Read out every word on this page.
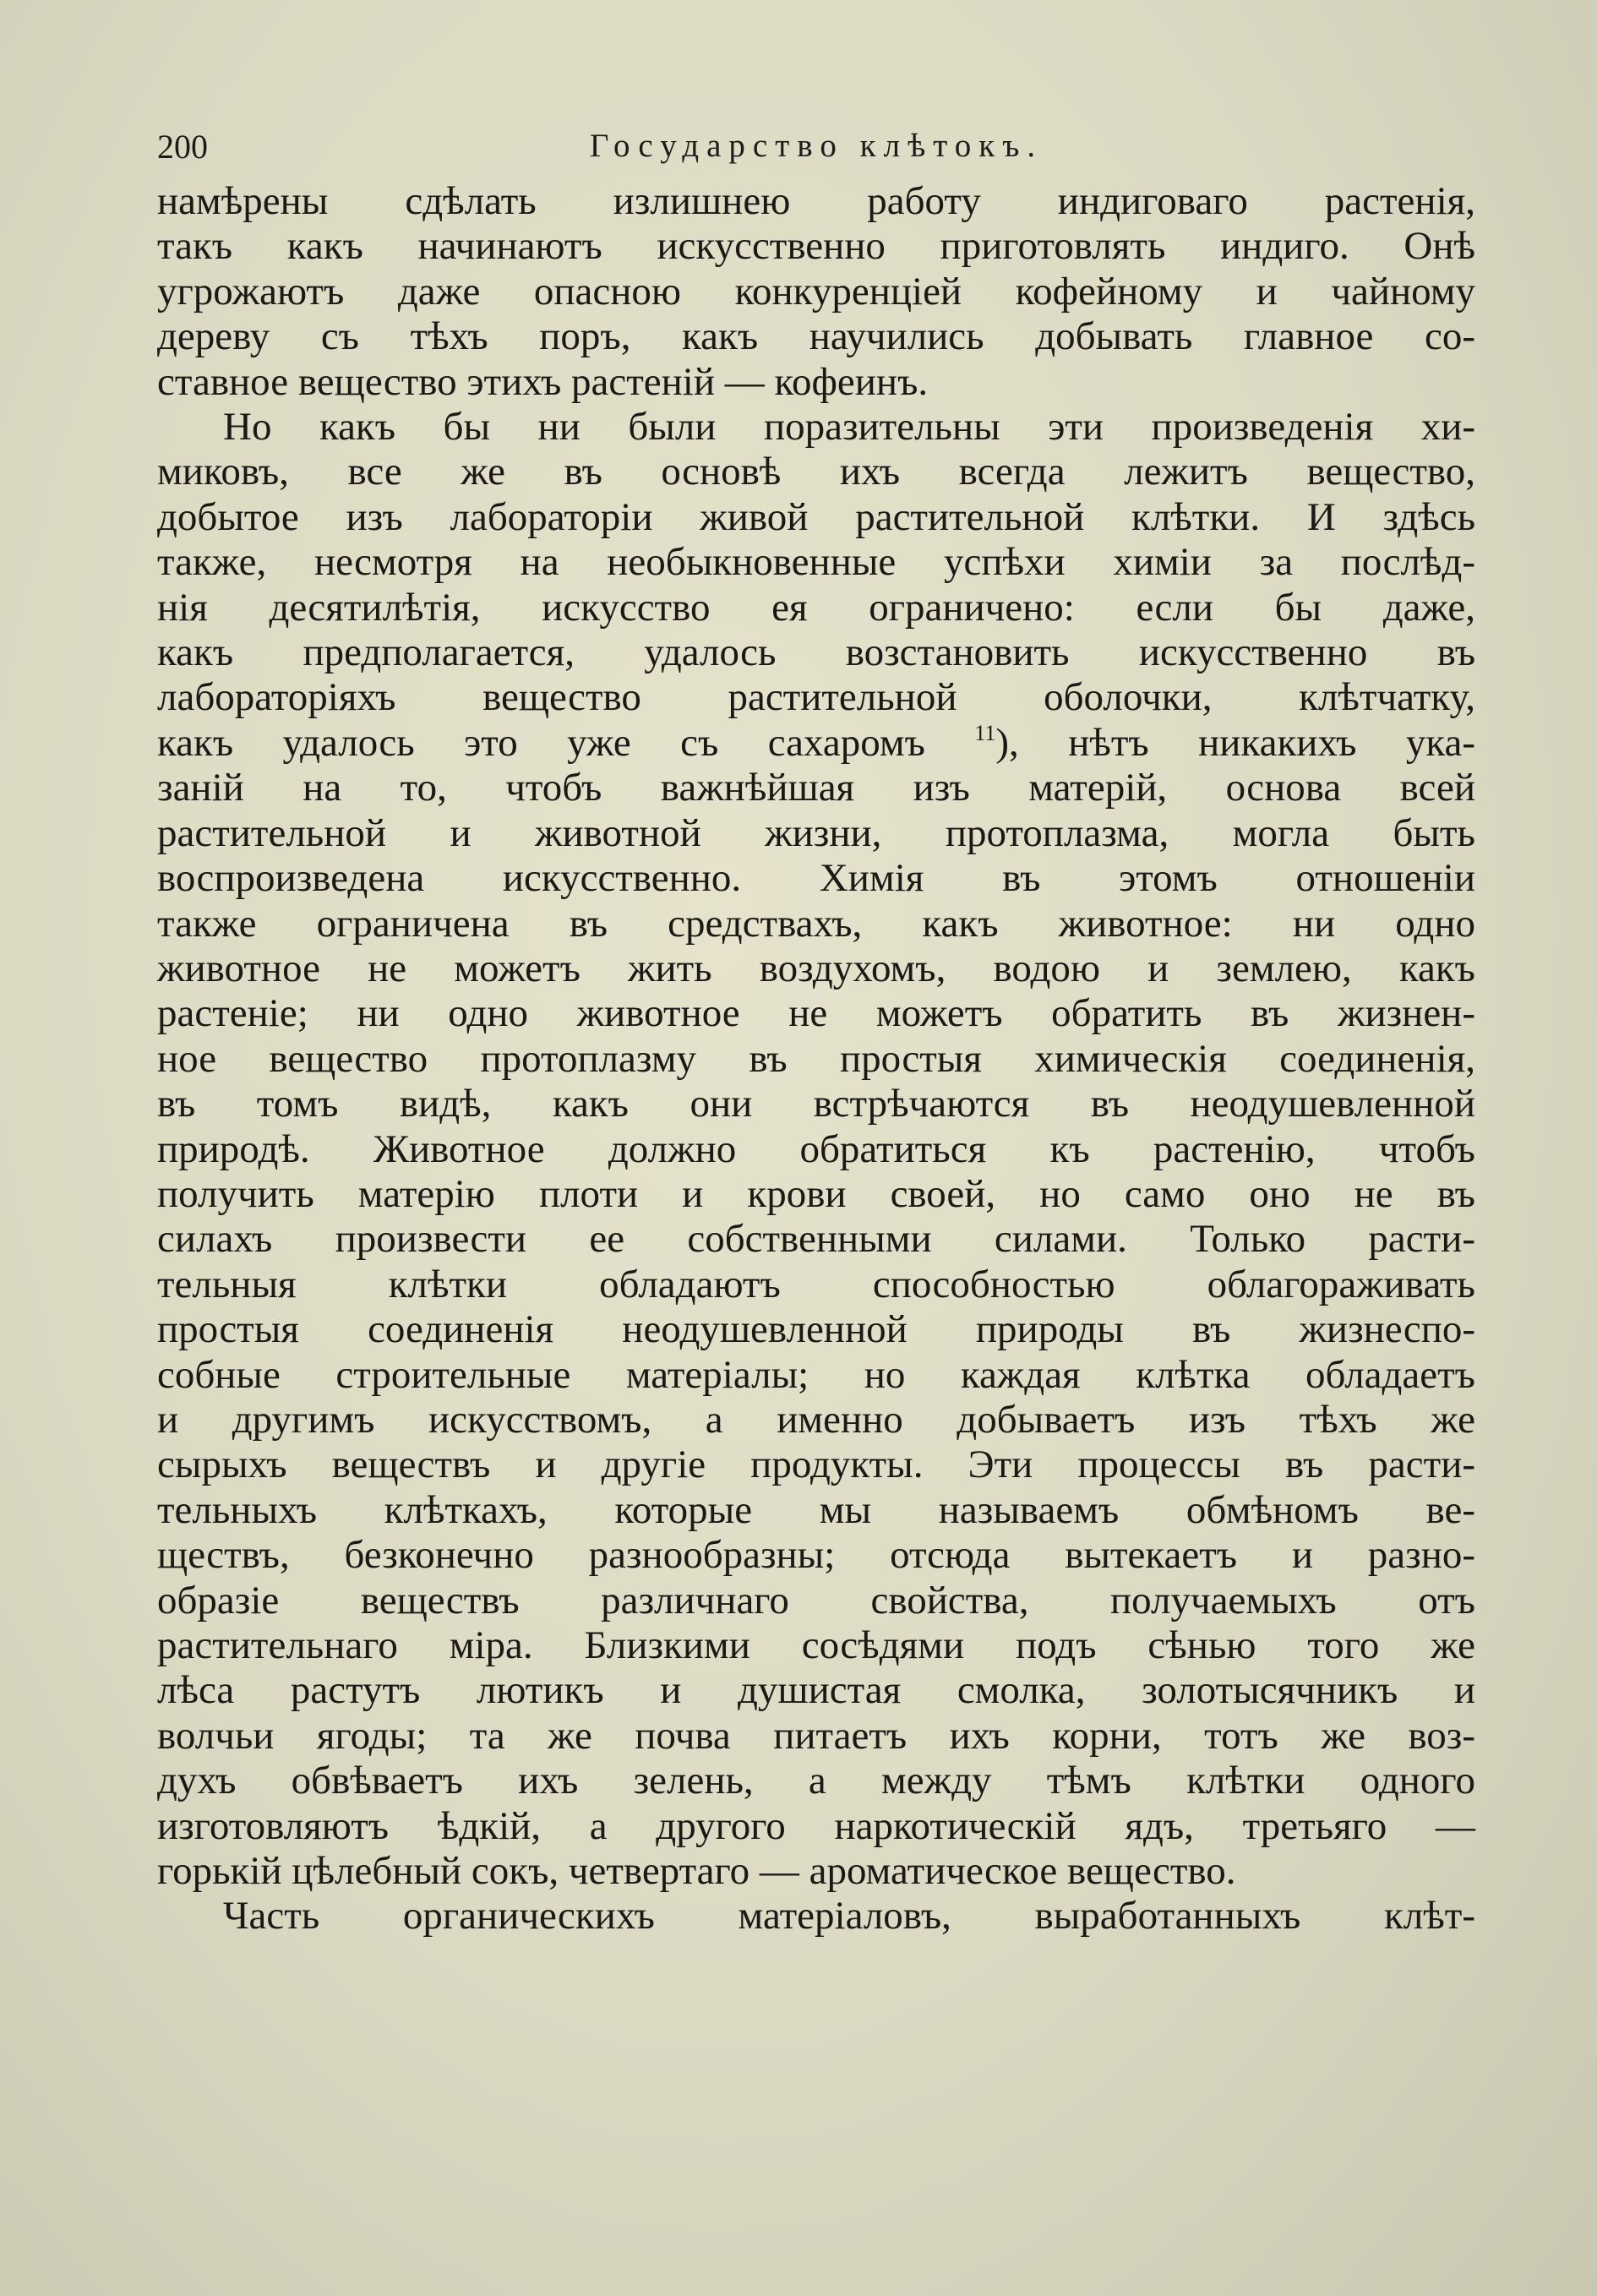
200	Государство клѣтокъ.

намѣрены сдѣлать излишнею работу индиговаго растенія,
такъ какъ начинаютъ искусственно приготовлять индиго. Онѣ
угрожаютъ даже опасною конкуренціей кофейному и чайному
дереву съ тѣхъ поръ, какъ научились добывать главное со-
ставное вещество этихъ растеній — кофеинъ.

Но какъ бы ни были поразительны эти произведенія хи-
миковъ, все же въ основѣ ихъ всегда лежитъ вещество,
добытое изъ лабораторіи живой растительной клѣтки. И здѣсь
также, несмотря на необыкновенные успѣхи химіи за послѣд-
нія десятилѣтія, искусство ея ограничено: если бы даже,
какъ предполагается, удалось возстановить искусственно въ
лабораторіяхъ вещество растительной оболочки, клѣтчатку,
какъ удалось это уже съ сахаромъ $^{11}$), нѣтъ никакихъ ука-
заній на то, чтобъ важнѣйшая изъ матерій, основа всей
растительной и животной жизни, протоплазма, могла быть
воспроизведена искусственно. Химія въ этомъ отношеніи
также ограничена въ средствахъ, какъ животное: ни одно
животное не можетъ жить воздухомъ, водою и землею, какъ
растеніе; ни одно животное не можетъ обратить въ жизнен-
ное вещество протоплазму въ простыя химическія соединенія,
въ томъ видѣ, какъ они встрѣчаются въ неодушевленной
природѣ. Животное должно обратиться къ растенію, чтобъ
получить матерію плоти и крови своей, но само оно не въ
силахъ произвести ее собственными силами. Только расти-
тельныя клѣтки обладаютъ способностью облагораживать
простыя соединенія неодушевленной природы въ жизнеспо-
собные строительные матеріалы; но каждая клѣтка обладаетъ
и другимъ искусствомъ, а именно добываетъ изъ тѣхъ же
сырыхъ веществъ и другіе продукты. Эти процессы въ расти-
тельныхъ клѣткахъ, которые мы называемъ обмѣномъ ве-
ществъ, безконечно разнообразны; отсюда вытекаетъ и разно-
образіе веществъ различнаго свойства, получаемыхъ отъ
растительнаго міра. Близкими сосѣдями подъ сѣнью того же
лѣса растутъ лютикъ и душистая смолка, золотысячникъ и
волчьи ягоды; та же почва питаетъ ихъ корни, тотъ же воз-
духъ обвѣваетъ ихъ зелень, а между тѣмъ клѣтки одного
изготовляютъ ѣдкій, а другого наркотическій ядъ, третьяго —
горькій цѣлебный сокъ, четвертаго — ароматическое вещество.

Часть органическихъ матеріаловъ, выработанныхъ клѣт-
